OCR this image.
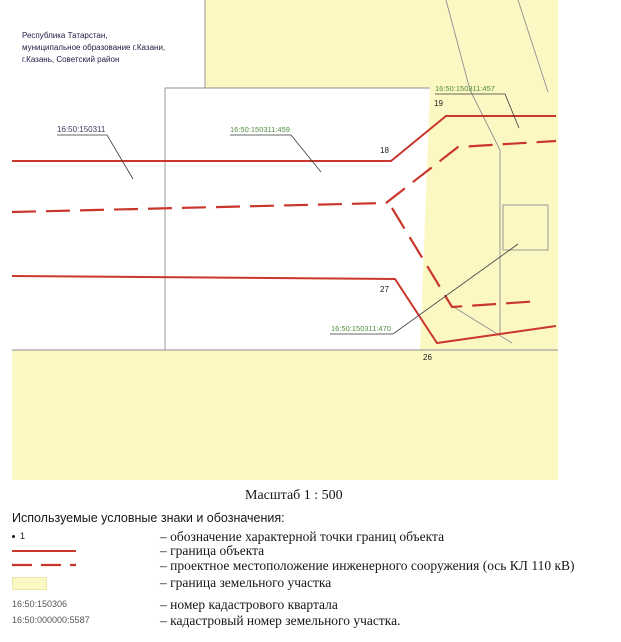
Республика Татарстан,
муниципальное образование г.Казани,
г.Казань, Советский район
16:50:150311	16:50:150311:459
16:50:150311:457
16:50:150311:470
18
19
27
26
Масштаб 1 : 500
Используемые условные знаки и обозначения:
1	– обозначение характерной точки границ объекта
– граница объекта
– проектное местоположение инженерного сооружения (ось КЛ 110 кВ)
– граница земельного участка
16:50:150306	– номер кадастрового квартала
16:50:000000:5587	– кадастровый номер земельного участка.
